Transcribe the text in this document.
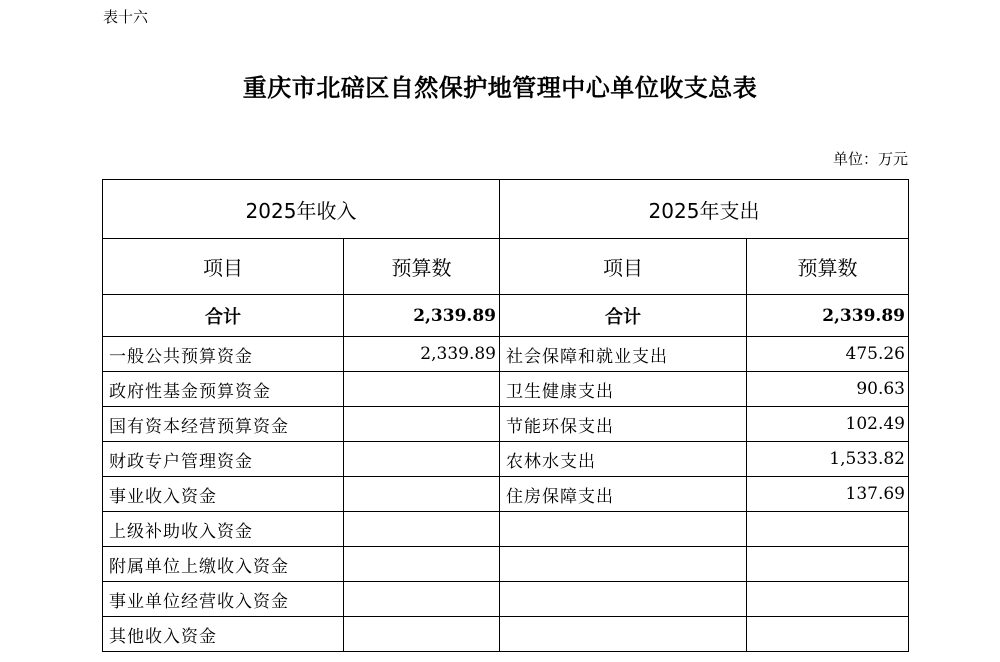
表十六
重庆市北碚区自然保护地管理中心单位收支总表
单位：万元
2025年收入		2025年支出	
项目	预算数	项目	预算数
合计	2,339.89	合计	2,339.89
一般公共预算资金	2,339.89	社会保障和就业支出	475.26
政府性基金预算资金		卫生健康支出	90.63
国有资本经营预算资金		节能环保支出	102.49
财政专户管理资金		农林水支出	1,533.82
事业收入资金		住房保障支出	137.69
上级补助收入资金			
附属单位上缴收入资金			
事业单位经营收入资金			
其他收入资金			
